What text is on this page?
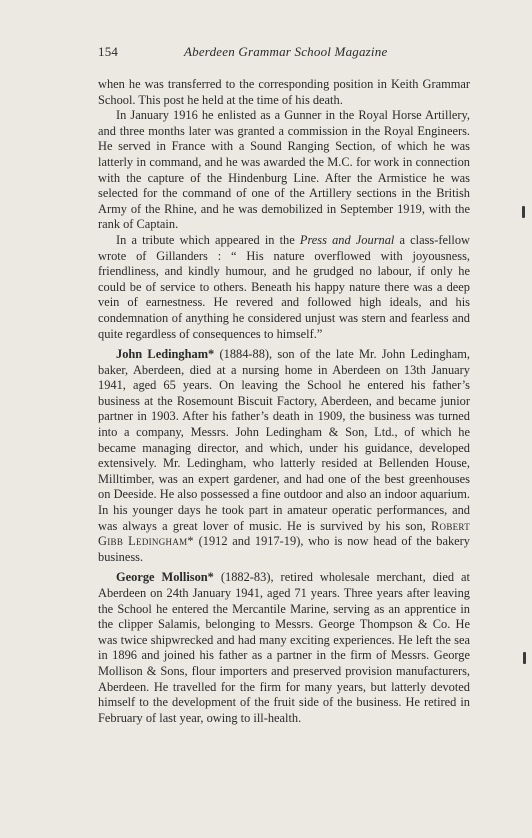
154	Aberdeen Grammar School Magazine

when he was transferred to the corresponding position in Keith Grammar School. This post he held at the time of his death.

In January 1916 he enlisted as a Gunner in the Royal Horse Artillery, and three months later was granted a commission in the Royal Engineers. He served in France with a Sound Ranging Section, of which he was latterly in command, and he was awarded the M.C. for work in connection with the capture of the Hindenburg Line. After the Armistice he was selected for the command of one of the Artillery sections in the British Army of the Rhine, and he was demobilized in September 1919, with the rank of Captain.

In a tribute which appeared in the Press and Journal a class-fellow wrote of Gillanders : “ His nature overflowed with joyousness, friendliness, and kindly humour, and he grudged no labour, if only he could be of service to others. Beneath his happy nature there was a deep vein of earnestness. He revered and followed high ideals, and his condemnation of anything he considered unjust was stern and fearless and quite regardless of consequences to himself.”

John Ledingham* (1884-88), son of the late Mr. John Ledingham, baker, Aberdeen, died at a nursing home in Aberdeen on 13th January 1941, aged 65 years. On leaving the School he entered his father’s business at the Rosemount Biscuit Factory, Aberdeen, and became junior partner in 1903. After his father’s death in 1909, the business was turned into a company, Messrs. John Ledingham & Son, Ltd., of which he became managing director, and which, under his guidance, developed extensively. Mr. Ledingham, who latterly resided at Bellenden House, Milltimber, was an expert gardener, and had one of the best greenhouses on Deeside. He also possessed a fine outdoor and also an indoor aquarium. In his younger days he took part in amateur operatic performances, and was always a great lover of music. He is survived by his son, Robert Gibb Ledingham* (1912 and 1917-19), who is now head of the bakery business.

George Mollison* (1882-83), retired wholesale merchant, died at Aberdeen on 24th January 1941, aged 71 years. Three years after leaving the School he entered the Mercantile Marine, serving as an apprentice in the clipper Salamis, belonging to Messrs. George Thompson & Co. He was twice shipwrecked and had many exciting experiences. He left the sea in 1896 and joined his father as a partner in the firm of Messrs. George Mollison & Sons, flour importers and preserved provision manufacturers, Aberdeen. He travelled for the firm for many years, but latterly devoted himself to the development of the fruit side of the business. He retired in February of last year, owing to ill-health.
